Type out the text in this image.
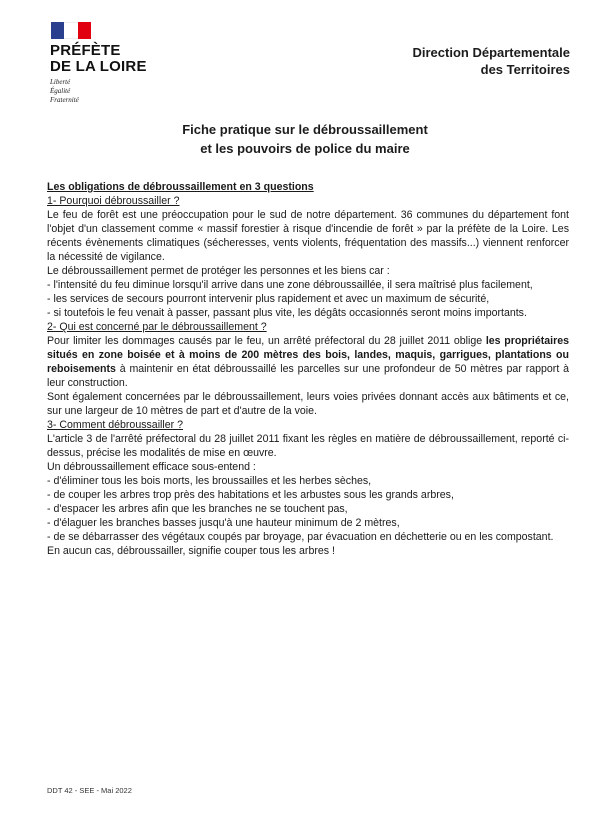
PRÉFÈTE
DE LA LOIRE
Liberté
Égalité
Fraternité
Direction Départementale
des Territoires
Fiche pratique sur le débroussaillement
et les pouvoirs de police du maire

Les obligations de débroussaillement en 3 questions

1- Pourquoi débroussailler ?

Le feu de forêt est une préoccupation pour le sud de notre département. 36 communes du département font l'objet d'un classement comme « massif forestier à risque d'incendie de forêt » par la préfète de la Loire. Les récents évènements climatiques (sécheresses, vents violents, fréquentation des massifs...) viennent renforcer la nécessité de vigilance.

Le débroussaillement permet de protéger les personnes et les biens car :

- l'intensité du feu diminue lorsqu'il arrive dans une zone débroussaillée, il sera maîtrisé plus facilement,

- les services de secours pourront intervenir plus rapidement et avec un maximum de sécurité,

- si toutefois le feu venait à passer, passant plus vite, les dégâts occasionnés seront moins importants.

2- Qui est concerné par le débroussaillement ?

Pour limiter les dommages causés par le feu, un arrêté préfectoral du 28 juillet 2011 oblige les propriétaires situés en zone boisée et à moins de 200 mètres des bois, landes, maquis, garrigues, plantations ou reboisements à maintenir en état débroussaillé les parcelles sur une profondeur de 50 mètres par rapport à leur construction.

Sont également concernées par le débroussaillement, leurs voies privées donnant accès aux bâtiments et ce, sur une largeur de 10 mètres de part et d'autre de la voie.

3- Comment débroussailler ?

L'article 3 de l'arrêté préfectoral du 28 juillet 2011 fixant les règles en matière de débroussaillement, reporté ci-dessus, précise les modalités de mise en œuvre.

Un débroussaillement efficace sous-entend :

- d'éliminer tous les bois morts, les broussailles et les herbes sèches,

- de couper les arbres trop près des habitations et les arbustes sous les grands arbres,

- d'espacer les arbres afin que les branches ne se touchent pas,

- d'élaguer les branches basses jusqu'à une hauteur minimum de 2 mètres,

- de se débarrasser des végétaux coupés par broyage, par évacuation en déchetterie ou en les compostant.

En aucun cas, débroussailler, signifie couper tous les arbres !

DDT 42 - SEE - Mai 2022
